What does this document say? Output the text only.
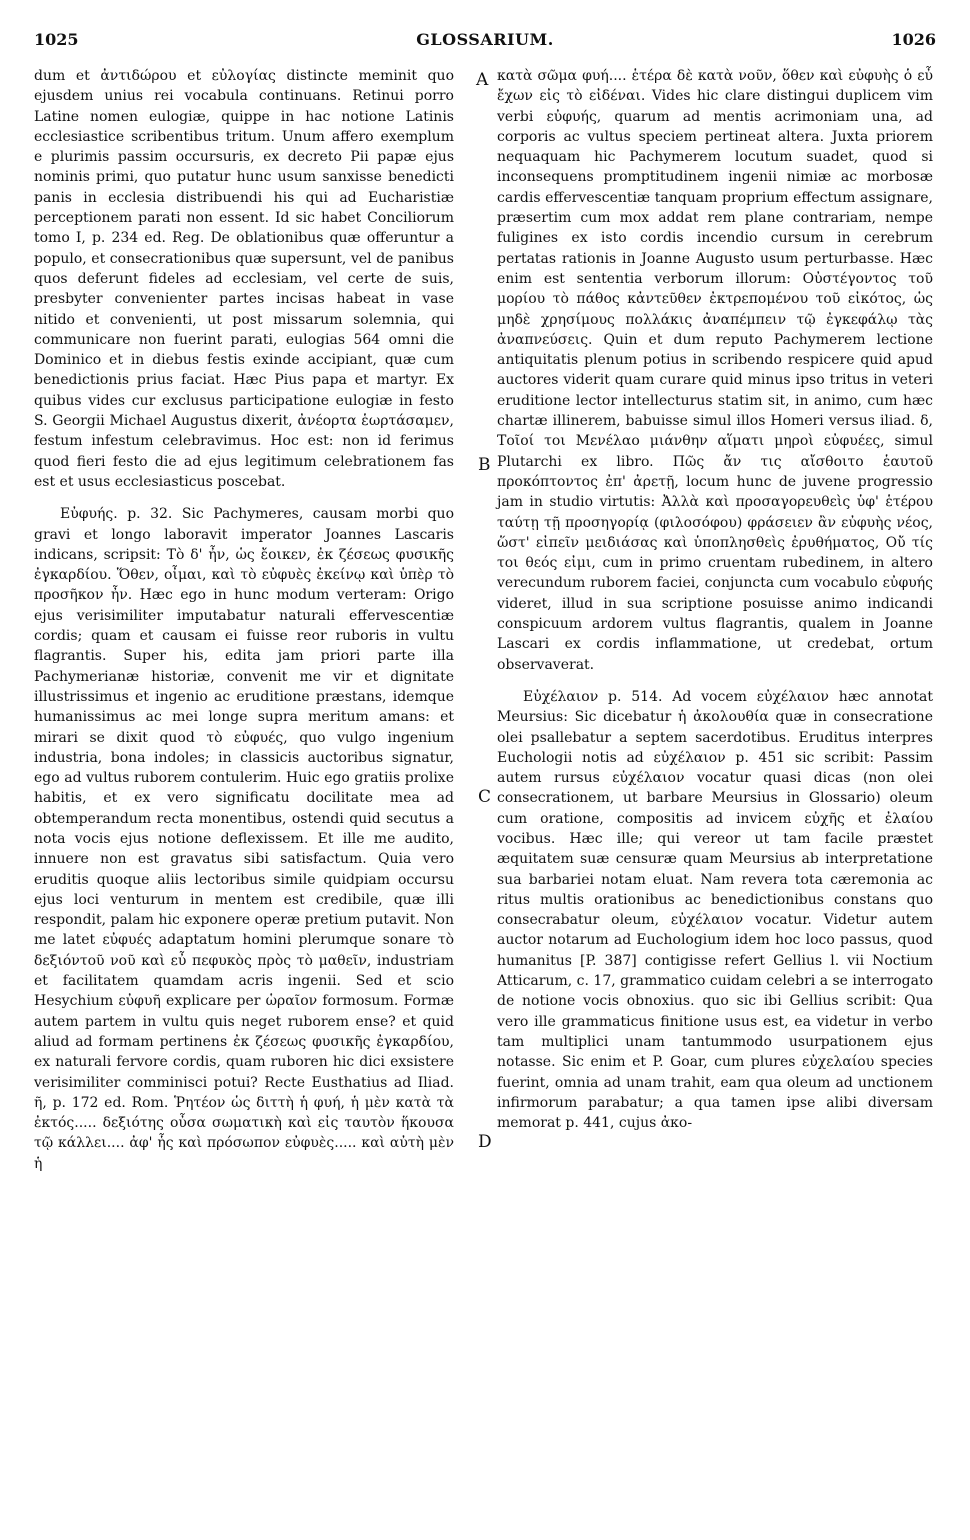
1025	GLOSSARIUM.	1026

dum et ἀντιδώρου et εὐλογίας distincte meminit quo ejusdem unius rei vocabula continuans. Retinui porro Latine nomen eulogiæ, quippe in hac notione Latinis ecclesiastice scribentibus tritum. Unum affero exemplum e plurimis passim occursuris, ex decreto Pii papæ ejus nominis primi, quo putatur hunc usum sanxisse benedicti panis in ecclesia distribuendi his qui ad Eucharistiæ perceptionem parati non essent. Id sic habet Conciliorum tomo I, p. 234 ed. Reg. De oblationibus quæ offeruntur a populo, et consecrationibus quæ supersunt, vel de panibus quos deferunt fideles ad ecclesiam, vel certe de suis, presbyter convenienter partes incisas habeat in vase nitido et convenienti, ut post missarum solemnia, qui communicare non fuerint parati, eulogias 564 omni die Dominico et in diebus festis exinde accipiant, quæ cum benedictionis prius faciat. Hæc Pius papa et martyr. Ex quibus vides cur exclusus participatione eulogiæ in festo S. Georgii Michael Augustus dixerit, ἀνέορτα ἑωρτάσαμεν, festum infestum celebravimus. Hoc est: non id ferimus quod fieri festo die ad ejus legitimum celebrationem fas est et usus ecclesiasticus poscebat.

Εὐφυής. p. 32. Sic Pachymeres, causam morbi quo gravi et longo laboravit imperator Joannes Lascaris indicans, scripsit: Τὸ δ' ἦν, ὡς ἔοικεν, ἐκ ζέσεως φυσικῆς ἐγκαρδίου. Ὅθεν, οἶμαι, καὶ τὸ εὐφυὲς ἐκείνῳ καὶ ὑπὲρ τὸ προσῆκον ἦν. Hæc ego in hunc modum verteram: Origo ejus verisimiliter imputabatur naturali effervescentiæ cordis; quam et causam ei fuisse reor ruboris in vultu flagrantis. Super his, edita jam priori parte illa Pachymerianæ historiæ, convenit me vir et dignitate illustrissimus et ingenio ac eruditione præstans, idemque humanissimus ac mei longe supra meritum amans: et mirari se dixit quod τὸ εὐφυές, quo vulgo ingenium industria, bona indoles; in classicis auctoribus signatur, ego ad vultus ruborem contulerim. Huic ego gratiis prolixe habitis, et ex vero significatu docilitate mea ad obtemperandum recta monentibus, ostendi quid secutus a nota vocis ejus notione deflexissem. Et ille me audito, innuere non est gravatus sibi satisfactum. Quia vero eruditis quoque aliis lectoribus simile quidpiam occursu ejus loci venturum in mentem est credibile, quæ illi respondit, palam hic exponere operæ pretium putavit. Non me latet εὐφυές adaptatum homini plerumque sonare τὸ δεξιόντοῦ νοῦ καὶ εὖ πεφυκὸς πρὸς τὸ μαθεῖν, industriam et facilitatem quamdam acris ingenii. Sed et scio Hesychium εὐφυῆ explicare per ὡραῖον formosum. Formæ autem partem in vultu quis neget ruborem ense? et quid aliud ad formam pertinens ἐκ ζέσεως φυσικῆς ἐγκαρδίου, ex naturali fervore cordis, quam ruboren hic dici exsistere verisimiliter comminisci potui? Recte Eusthatius ad Iliad. ῆ, p. 172 ed. Rom. Ῥητέον ὡς διττὴ ἡ φυή, ἡ μὲν κατὰ τὰ ἐκτός..... δεξιότης οὖσα σωματικὴ καὶ εἰς ταυτὸν ἥκουσα τῷ κάλλει.... ἀφ' ἧς καὶ πρόσωπον εὐφυὲς..... καὶ αὐτὴ μὲν ἡ

κατὰ σῶμα φυή.... ἑτέρα δὲ κατὰ νοῦν, ὅθεν καὶ εὐφυὴς ὁ εὖ ἔχων εἰς τὸ εἰδέναι. Vides hic clare distingui duplicem vim verbi εὐφυής, quarum ad mentis acrimoniam una, ad corporis ac vultus speciem pertineat altera. Juxta priorem nequaquam hic Pachymerem locutum suadet, quod si inconsequens promptitudinem ingenii nimiæ ac morbosæ cardis effervescentiæ tanquam proprium effectum assignare, præsertim cum mox addat rem plane contrariam, nempe fuligines ex isto cordis incendio cursum in cerebrum pertatas rationis in Joanne Augusto usum perturbasse. Hæc enim est sententia verborum illorum: Οὐστέγοντος τοῦ μορίου τὸ πάθος κἀντεῦθεν ἐκτρεπομένου τοῦ εἰκότος, ὡς μηδὲ χρησίμους πολλάκις ἀναπέμπειν τῷ ἐγκεφάλῳ τὰς ἀναπνεύσεις. Quin et dum reputo Pachymerem lectione antiquitatis plenum potius in scribendo respicere quid apud auctores viderit quam curare quid minus ipso tritus in veteri eruditione lector intellecturus statim sit, in animo, cum hæc chartæ illinerem, babuisse simul illos Homeri versus iliad. δ, Τοῖοί τοι Μενέλαο μιάνθην αἵματι μηροὶ εὐφυέες, simul Plutarchi ex libro. Πῶς ἄν τις αἴσθοιτο ἑαυτοῦ προκόπτοντος ἐπ' ἀρετῇ, locum hunc de juvene progressio jam in studio virtutis: Ἀλλὰ καὶ προσαγορευθεὶς ὑφ' ἑτέρου ταύτῃ τῇ προσηγορίᾳ (φιλοσόφου) φράσειεν ἂν εὐφυὴς νέος, ὥστ' εἰπεῖν μειδιάσας καὶ ὑποπλησθεὶς ἐρυθήματος, Οὔ τίς τοι θεός εἰμι, cum in primo cruentam rubedinem, in altero verecundum ruborem faciei, conjuncta cum vocabulo εὐφυής videret, illud in sua scriptione posuisse animo indicandi conspicuum ardorem vultus flagrantis, qualem in Joanne Lascari ex cordis inflammatione, ut credebat, ortum observaverat.

Εὐχέλαιον p. 514. Ad vocem εὐχέλαιον hæc annotat Meursius: Sic dicebatur ἡ ἀκολουθία quæ in consecratione olei psallebatur a septem sacerdotibus. Eruditus interpres Euchologii notis ad εὐχέλαιον p. 451 sic scribit: Passim autem rursus εὐχέλαιον vocatur quasi dicas (non olei consecrationem, ut barbare Meursius in Glossario) oleum cum oratione, compositis ad invicem εὐχῆς et ἐλαίου vocibus. Hæc ille; qui vereor ut tam facile præstet æquitatem suæ censuræ quam Meursius ab interpretatione sua barbariei notam eluat. Nam revera tota cæremonia ac ritus multis orationibus ac benedictionibus constans quo consecrabatur oleum, εὐχέλαιον vocatur. Videtur autem auctor notarum ad Euchologium idem hoc loco passus, quod humanitus [P. 387] contigisse refert Gellius l. vii Noctium Atticarum, c. 17, grammatico cuidam celebri a se interrogato de notione vocis obnoxius. quo sic ibi Gellius scribit: Qua vero ille grammaticus finitione usus est, ea videtur in verbo tam multiplici unam tantummodo usurpationem ejus notasse. Sic enim et P. Goar, cum plures εὐχελαίου species fuerint, omnia ad unam trahit, eam qua oleum ad unctionem infirmorum parabatur; a qua tamen ipse alibi diversam memorat p. 441, cujus ἀκο-

A
B
C
D
